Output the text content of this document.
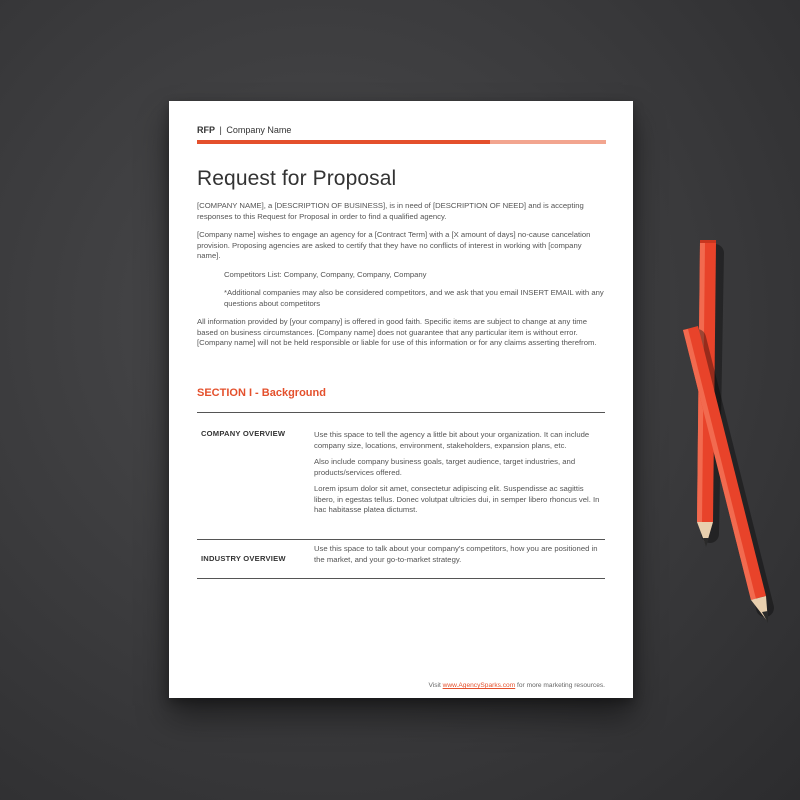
RFP | Company Name
Request for Proposal

[COMPANY NAME], a [DESCRIPTION OF BUSINESS], is in need of [DESCRIPTION OF NEED] and is accepting responses to this Request for Proposal in order to find a qualified agency.

[Company name] wishes to engage an agency for a [Contract Term] with a [X amount of days] no-cause cancelation provision. Proposing agencies are asked to certify that they have no conflicts of interest in working with [company name].

Competitors List: Company, Company, Company, Company

*Additional companies may also be considered competitors, and we ask that you email INSERT EMAIL with any questions about competitors

All information provided by [your company] is offered in good faith. Specific items are subject to change at any time based on business circumstances. [Company name] does not guarantee that any particular item is without error. [Company name] will not be held responsible or liable for use of this information or for any claims asserting therefrom.

SECTION I - Background
COMPANY OVERVIEW	Use this space to tell the agency a little bit about your organization. It can include company size, locations, environment, stakeholders, expansion plans, etc.

Also include company business goals, target audience, target industries, and products/services offered.

Lorem ipsum dolor sit amet, consectetur adipiscing elit. Suspendisse ac sagittis libero, in egestas tellus. Donec volutpat ultricies dui, in semper libero rhoncus vel. In hac habitasse platea dictumst.

INDUSTRY OVERVIEW

Use this space to talk about your company's competitors, how you are positioned in the market, and your go-to-market strategy.

Visit www.AgencySparks.com for more marketing resources.
